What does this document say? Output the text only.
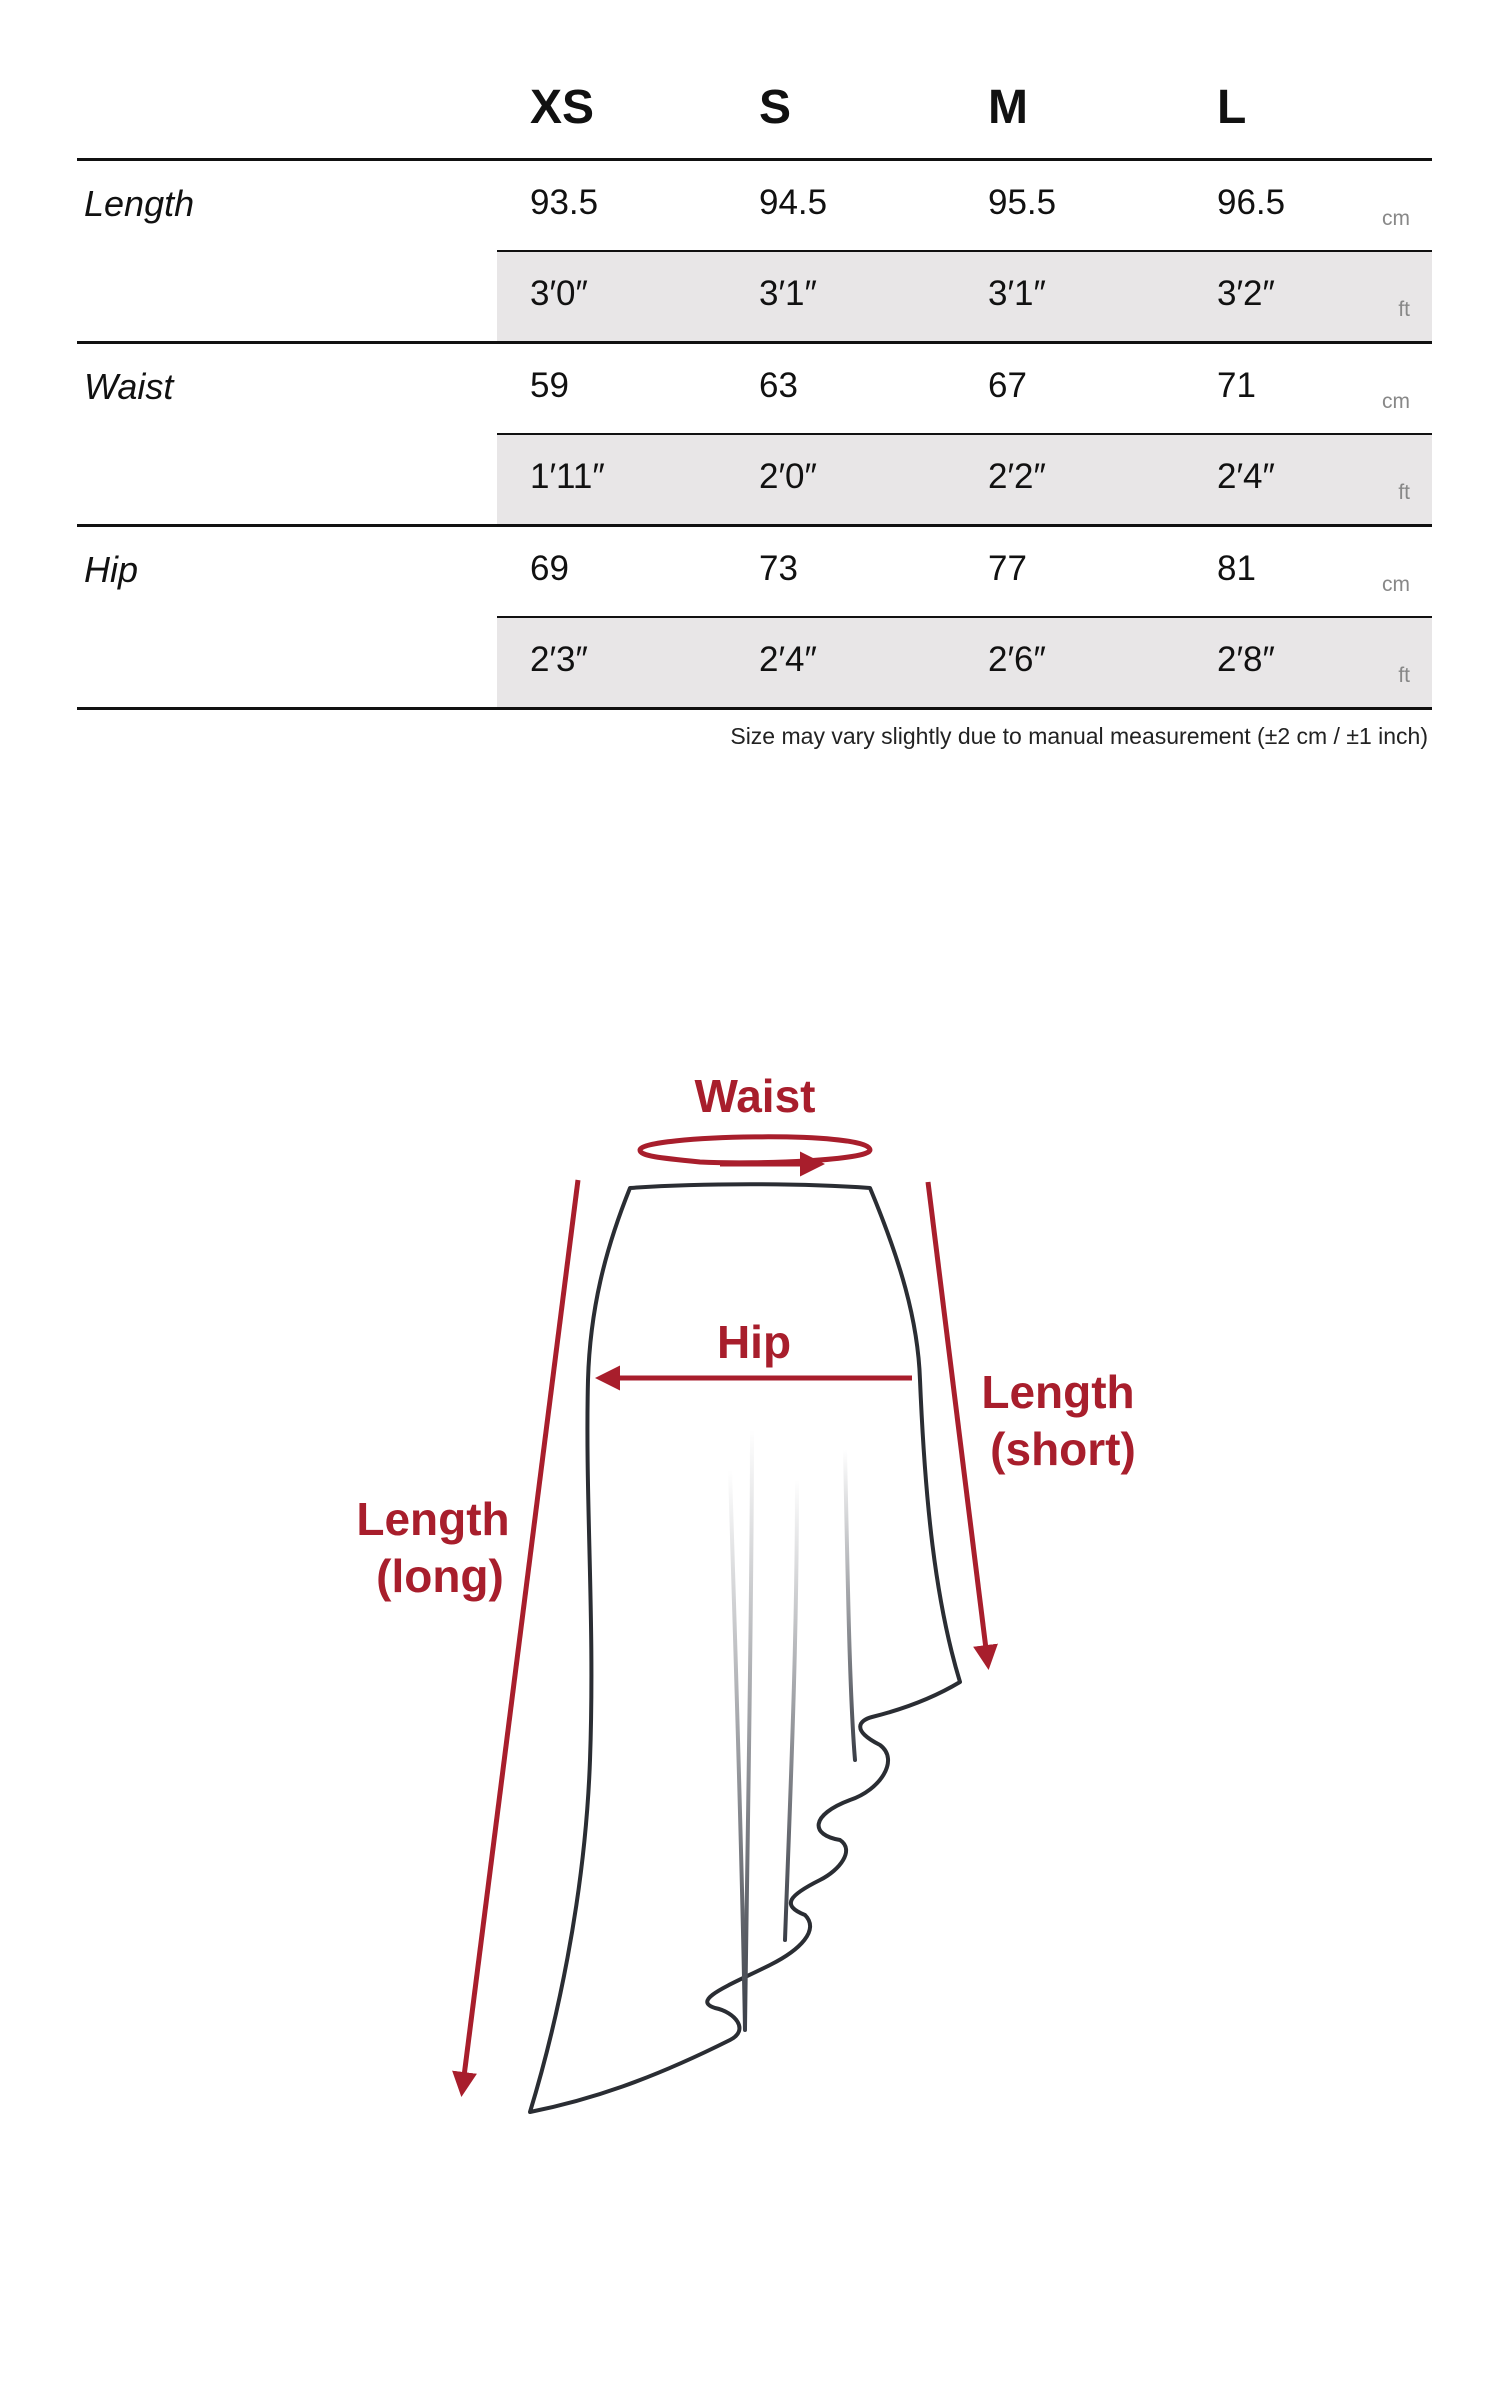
XS	S	M	L
Length	93.5	94.5	95.5	96.5	cm
3′0″	3′1″	3′1″	3′2″	ft
Waist	59	63	67	71	cm
1′11″	2′0″	2′2″	2′4″	ft
Hip	69	73	77	81	cm
2′3″	2′4″	2′6″	2′8″	ft
Size may vary slightly due to manual measurement (±2 cm / ±1 inch)
Waist
Hip
Length
(short)
Length
(long)
